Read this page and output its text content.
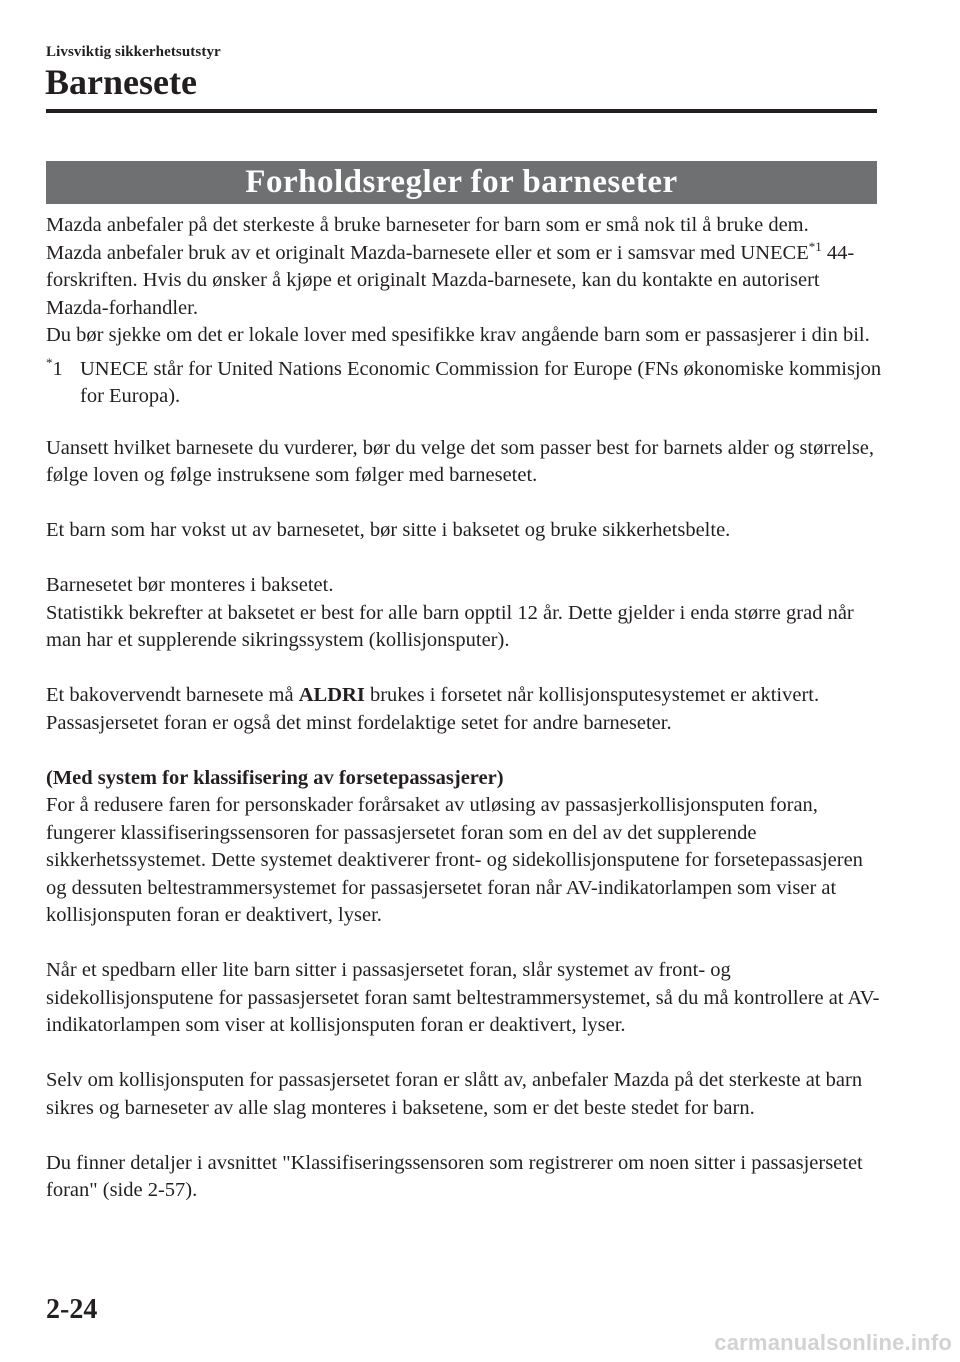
Livsviktig sikkerhetsutstyr
Barnesete
Forholdsregler for barneseter

Mazda anbefaler på det sterkeste å bruke barneseter for barn som er små nok til å bruke dem.

Mazda anbefaler bruk av et originalt Mazda-barnesete eller et som er i samsvar med UNECE$^{*1}$ 44-forskriften. Hvis du ønsker å kjøpe et originalt Mazda-barnesete, kan du kontakte en autorisert Mazda-forhandler.

Du bør sjekke om det er lokale lover med spesifikke krav angående barn som er passasjerer i din bil.

*1 UNECE står for United Nations Economic Commission for Europe (FNs økonomiske kommisjon for Europa).

Uansett hvilket barnesete du vurderer, bør du velge det som passer best for barnets alder og størrelse, følge loven og følge instruksene som følger med barnesetet.

Et barn som har vokst ut av barnesetet, bør sitte i baksetet og bruke sikkerhetsbelte.

Barnesetet bør monteres i baksetet.

Statistikk bekrefter at baksetet er best for alle barn opptil 12 år. Dette gjelder i enda større grad når man har et supplerende sikringssystem (kollisjonsputer).

Et bakovervendt barnesete må ALDRI brukes i forsetet når kollisjonsputesystemet er aktivert. Passasjersetet foran er også det minst fordelaktige setet for andre barneseter.

(Med system for klassifisering av forsetepassasjerer)

For å redusere faren for personskader forårsaket av utløsing av passasjerkollisjonsputen foran, fungerer klassifiseringssensoren for passasjersetet foran som en del av det supplerende sikkerhetssystemet. Dette systemet deaktiverer front- og sidekollisjonsputene for forsetepassasjeren og dessuten beltestrammersystemet for passasjersetet foran når AV-indikatorlampen som viser at kollisjonsputen foran er deaktivert, lyser.

Når et spedbarn eller lite barn sitter i passasjersetet foran, slår systemet av front- og sidekollisjonsputene for passasjersetet foran samt beltestrammersystemet, så du må kontrollere at AV-indikatorlampen som viser at kollisjonsputen foran er deaktivert, lyser.

Selv om kollisjonsputen for passasjersetet foran er slått av, anbefaler Mazda på det sterkeste at barn sikres og barneseter av alle slag monteres i baksetene, som er det beste stedet for barn.

Du finner detaljer i avsnittet "Klassifiseringssensoren som registrerer om noen sitter i passasjersetet foran" (side 2-57).

2-24
carmanualsonline.info
